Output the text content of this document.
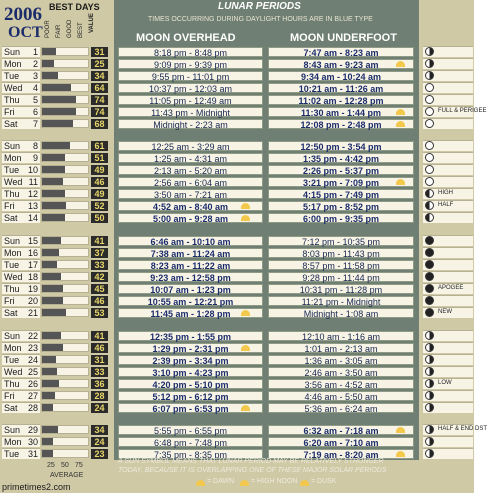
2006
OCT
BEST DAYS
POOR FAIR GOOD BEST VALUE
LUNAR PERIODS
TIMES OCCURRING DURING DAYLIGHT HOURS ARE IN BLUE TYPE
MOON OVERHEAD	MOON UNDERFOOT
Sun 1	31	8:18 pm - 8:48 pm	7:47 am - 8:23 am
Mon 2	25	9:09 pm - 9:39 pm	8:43 am - 9:23 am
Tue 3	34	9:55 pm - 11:01 pm	9:34 am - 10:24 am
Wed 4	64	10:37 pm - 12:03 am	10:21 am - 11:26 am
Thu 5	74	11:05 pm - 12:49 am	11:02 am - 12:28 pm
Fri 6	74	11:43 pm - Midnight	11:30 am - 1:44 pm	FULL & PERIGEE
Sat 7	68	Midnight - 2:23 am	12:08 pm - 2:48 pm
Sun 8	61	12:25 am - 3:29 am	12:50 pm - 3:54 pm
Mon 9	51	1:25 am - 4:31 am	1:35 pm - 4:42 pm
Tue 10	49	2:13 am - 5:20 am	2:26 pm - 5:37 pm
Wed 11	46	2:56 am - 6:04 am	3:21 pm - 7:09 pm
Thu 12	49	3:50 am - 7:21 am	4:15 pm - 7:49 pm	HIGH
Fri 13	52	4:52 am - 8:40 am	5:17 pm - 8:52 pm	HALF
Sat 14	50	5:00 am - 9:28 am	6:00 pm - 9:35 pm
Sun 15	41	6:46 am - 10:10 am	7:12 pm - 10:35 pm
Mon 16	37	7:38 am - 11:24 am	8:03 pm - 11:43 pm
Tue 17	33	8:23 am - 11:22 am	8:57 pm - 11:58 pm
Wed 18	42	9:23 am - 12:58 pm	9:28 pm - 11:44 pm
Thu 19	45	10:07 am - 1:23 pm	10:31 pm - 11:28 pm	APOGEE
Fri 20	46	10:55 am - 12:21 pm	11:21 pm - Midnight
Sat 21	53	11:45 am - 1:28 pm	Midnight - 1:08 am	NEW
Sun 22	41	12:35 pm - 1:55 pm	12:10 am - 1:16 am
Mon 23	46	1:29 pm - 2:31 pm	1:01 am - 2:13 am
Tue 24	31	2:39 pm - 3:34 pm	1:36 am - 3:05 am
Wed 25	33	3:10 pm - 4:23 pm	2:46 am - 3:50 am
Thu 26	36	4:20 pm - 5:10 pm	3:56 am - 4:52 am	LOW
Fri 27	28	5:12 pm - 6:12 pm	4:46 am - 5:50 am
Sat 28	24	6:07 pm - 6:53 pm	5:36 am - 6:24 am
Sun 29	34	5:55 pm - 6:55 pm	6:32 am - 7:18 am	HALF & END DST
Mon 30	24	6:48 pm - 7:48 pm	6:20 am - 7:10 am
Tue 31	23	7:35 pm - 8:35 pm	7:19 am - 8:20 am
A SUN SYMBOL MEANS THAT LUNAR PERIOD MAY BE RELATIVELY STRONGER
TODAY, BECAUSE IT IS OVERLAPPING ONE OF THESE MAJOR SOLAR PERIODS
= DAWN = HIGH NOON = DUSK
25 50 75
AVERAGE
primetimes2.com
